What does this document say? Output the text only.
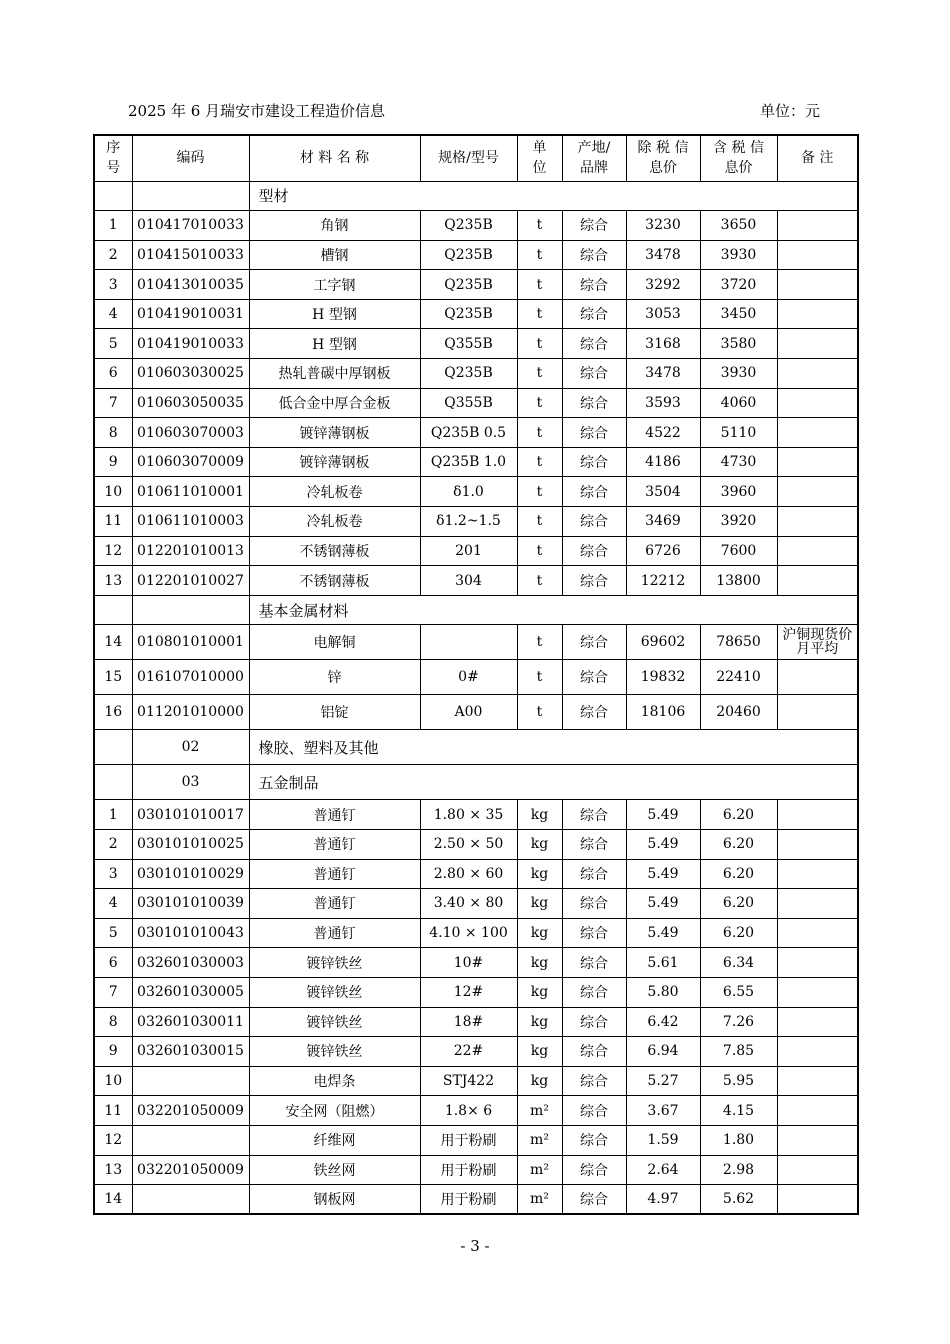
2025 年 6 月瑞安市建设工程造价信息	单位：元
序号	编码	材 料 名 称	规格/型号	单位	产地/品牌	除 税 信息价	含 税 信息价	备 注
		型材						
1	010417010033	角钢	Q235B	t	综合	3230	3650	
2	010415010033	槽钢	Q235B	t	综合	3478	3930	
3	010413010035	工字钢	Q235B	t	综合	3292	3720	
4	010419010031	H 型钢	Q235B	t	综合	3053	3450	
5	010419010033	H 型钢	Q355B	t	综合	3168	3580	
6	010603030025	热轧普碳中厚钢板	Q235B	t	综合	3478	3930	
7	010603050035	低合金中厚合金板	Q355B	t	综合	3593	4060	
8	010603070003	镀锌薄钢板	Q235B 0.5	t	综合	4522	5110	
9	010603070009	镀锌薄钢板	Q235B 1.0	t	综合	4186	4730	
10	010611010001	冷轧板卷	δ1.0	t	综合	3504	3960	
11	010611010003	冷轧板卷	δ1.2~1.5	t	综合	3469	3920	
12	012201010013	不锈钢薄板	201	t	综合	6726	7600	
13	012201010027	不锈钢薄板	304	t	综合	12212	13800	
		基本金属材料						
14	010801010001	电解铜		t	综合	69602	78650	沪铜现货价月平均
15	016107010000	锌	0#	t	综合	19832	22410	
16	011201010000	铝锭	A00	t	综合	18106	20460	
	02	橡胶、塑料及其他						
	03	五金制品						
1	030101010017	普通钉	1.80 × 35	kg	综合	5.49	6.20	
2	030101010025	普通钉	2.50 × 50	kg	综合	5.49	6.20	
3	030101010029	普通钉	2.80 × 60	kg	综合	5.49	6.20	
4	030101010039	普通钉	3.40 × 80	kg	综合	5.49	6.20	
5	030101010043	普通钉	4.10 × 100	kg	综合	5.49	6.20	
6	032601030003	镀锌铁丝	10#	kg	综合	5.61	6.34	
7	032601030005	镀锌铁丝	12#	kg	综合	5.80	6.55	
8	032601030011	镀锌铁丝	18#	kg	综合	6.42	7.26	
9	032601030015	镀锌铁丝	22#	kg	综合	6.94	7.85	
10		电焊条	STJ422	kg	综合	5.27	5.95	
11	032201050009	安全网（阻燃）	1.8× 6	m²	综合	3.67	4.15	
12		纤维网	用于粉刷	m²	综合	1.59	1.80	
13	032201050009	铁丝网	用于粉刷	m²	综合	2.64	2.98	
14		钢板网	用于粉刷	m²	综合	4.97	5.62	
- 3 -
